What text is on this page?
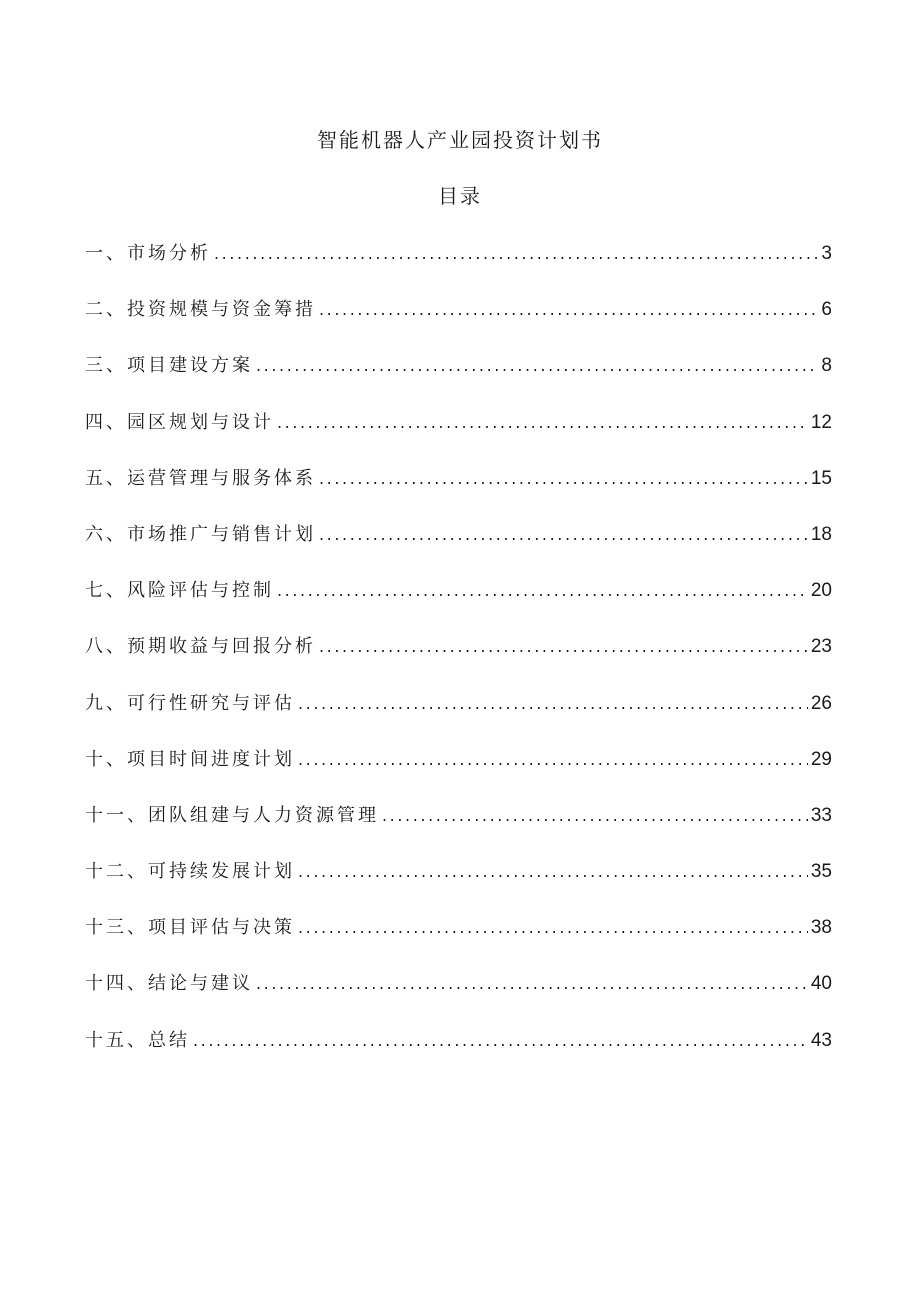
智能机器人产业园投资计划书
目录
一、市场分析 .....	3
二、投资规模与资金筹措 .....	6
三、项目建设方案 .....	8
四、园区规划与设计 .....	12
五、运营管理与服务体系 .....	15
六、市场推广与销售计划 .....	18
七、风险评估与控制 .....	20
八、预期收益与回报分析 .....	23
九、可行性研究与评估 .....	26
十、项目时间进度计划 .....	29
十一、团队组建与人力资源管理 .....	33
十二、可持续发展计划 .....	35
十三、项目评估与决策 .....	38
十四、结论与建议 .....	40
十五、总结 .....	43
